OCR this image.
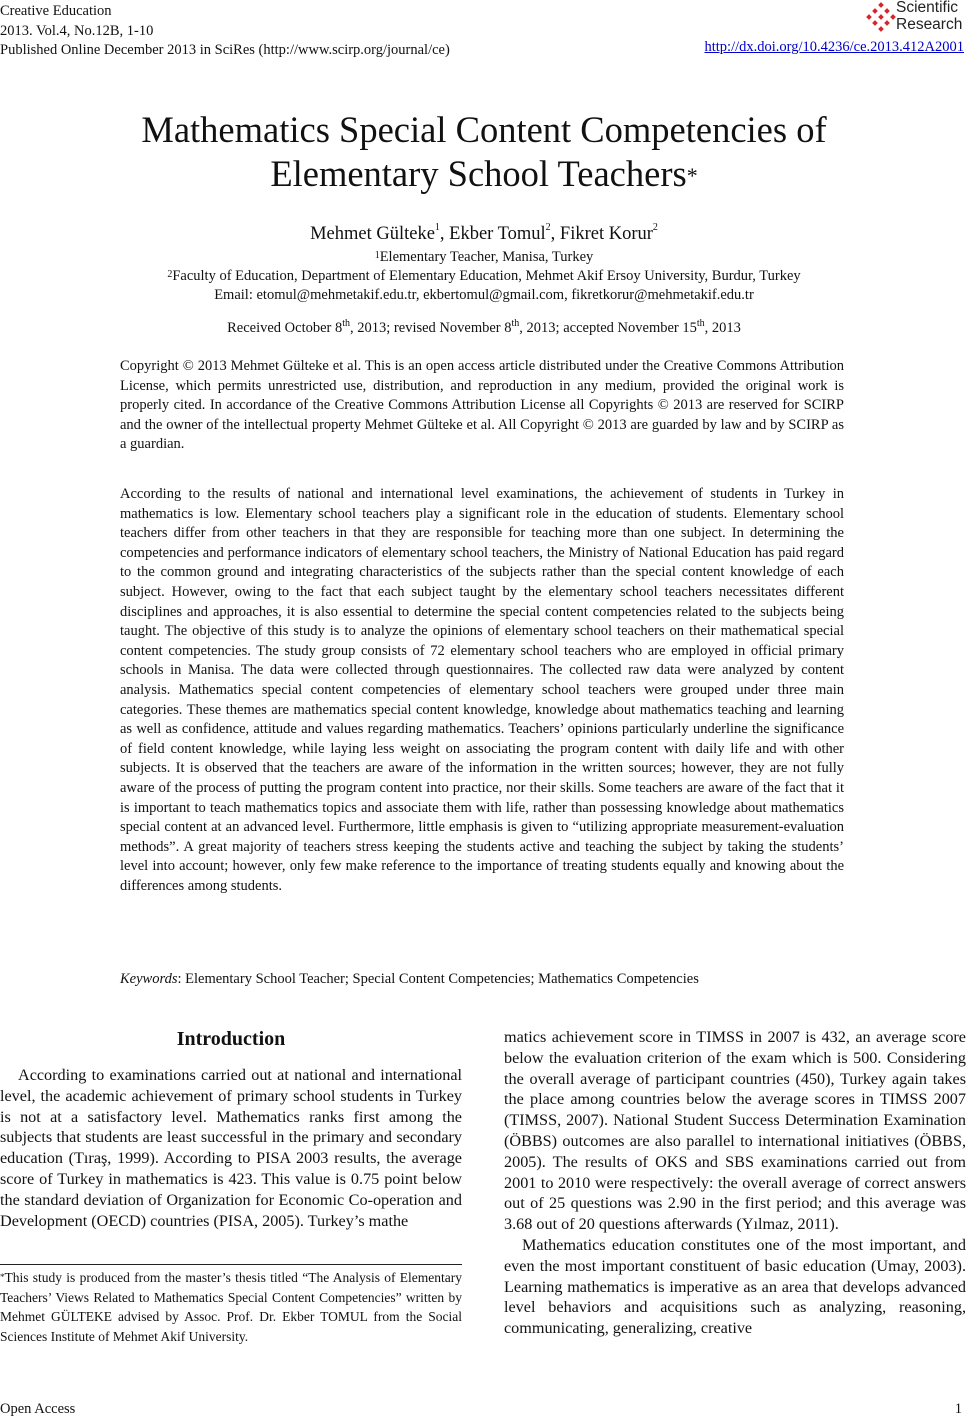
Creative Education

2013. Vol.4, No.12B, 1-10

Published Online December 2013 in SciRes (http://www.scirp.org/journal/ce)	http://dx.doi.org/10.4236/ce.2013.412A2001
Scientific
Research
Mathematics Special Content Competencies of
Elementary School Teachers*
Mehmet Gülteke$^1$, Ekber Tomul$^2$, Fikret Korur$^2$
$^1$Elementary Teacher, Manisa, Turkey
$^2$Faculty of Education, Department of Elementary Education, Mehmet Akif Ersoy University, Burdur, Turkey
Email: etomul@mehmetakif.edu.tr, ekbertomul@gmail.com, fikretkorur@mehmetakif.edu.tr
Received October 8th, 2013; revised November 8th, 2013; accepted November 15th, 2013
Copyright © 2013 Mehmet Gülteke et al. This is an open access article distributed under the Creative Commons Attribution License, which permits unrestricted use, distribution, and reproduction in any medium, provided the original work is properly cited. In accordance of the Creative Commons Attribution License all Copyrights © 2013 are reserved for SCIRP and the owner of the intellectual property Mehmet Gülteke et al. All Copyright © 2013 are guarded by law and by SCIRP as a guardian.
According to the results of national and international level examinations, the achievement of students in Turkey in mathematics is low. Elementary school teachers play a significant role in the education of students. Elementary school teachers differ from other teachers in that they are responsible for teaching more than one subject. In determining the competencies and performance indicators of elementary school teachers, the Ministry of National Education has paid regard to the common ground and integrating characteristics of the subjects rather than the special content knowledge of each subject. However, owing to the fact that each subject taught by the elementary school teachers necessitates different disciplines and approaches, it is also essential to determine the special content competencies related to the subjects being taught. The objective of this study is to analyze the opinions of elementary school teachers on their mathematical special content competencies. The study group consists of 72 elementary school teachers who are employed in official primary schools in Manisa. The data were collected through questionnaires. The collected raw data were analyzed by content analysis. Mathematics special content competencies of elementary school teachers were grouped under three main categories. These themes are mathematics special content knowledge, knowledge about mathematics teaching and learning as well as confidence, attitude and values regarding mathematics. Teachers’ opinions particularly underline the significance of field content knowledge, while laying less weight on associating the program content with daily life and with other subjects. It is observed that the teachers are aware of the information in the written sources; however, they are not fully aware of the process of putting the program content into practice, nor their skills. Some teachers are aware of the fact that it is important to teach mathematics topics and associate them with life, rather than possessing knowledge about mathematics special content at an advanced level. Furthermore, little emphasis is given to “utilizing appropriate measurement-evaluation methods”. A great majority of teachers stress keeping the students active and teaching the subject by taking the students’ level into account; however, only few make reference to the importance of treating students equally and knowing about the differences among students.
Keywords: Elementary School Teacher; Special Content Competencies; Mathematics Competencies
Introduction

According to examinations carried out at national and international level, the academic achievement of primary school students in Turkey is not at a satisfactory level. Mathematics ranks first among the subjects that students are least successful in the primary and secondary education (Tıraş, 1999). According to PISA 2003 results, the average score of Turkey in mathematics is 423. This value is 0.75 point below the standard deviation of Organization for Economic Co-operation and Development (OECD) countries (PISA, 2005). Turkey’s mathe

*This study is produced from the master’s thesis titled “The Analysis of Elementary Teachers’ Views Related to Mathematics Special Content Competencies” written by Mehmet GÜLTEKE advised by Assoc. Prof. Dr. Ekber TOMUL from the Social Sciences Institute of Mehmet Akif University.

matics achievement score in TIMSS in 2007 is 432, an average score below the evaluation criterion of the exam which is 500. Considering the overall average of participant countries (450), Turkey again takes the place among countries below the average scores in TIMSS 2007 (TIMSS, 2007). National Student Success Determination Examination (ÖBBS) outcomes are also parallel to international initiatives (ÖBBS, 2005). The results of OKS and SBS examinations carried out from 2001 to 2010 were respectively: the overall average of correct answers out of 25 questions was 2.90 in the first period; and this average was 3.68 out of 20 questions afterwards (Yılmaz, 2011).

Mathematics education constitutes one of the most important, and even the most important constituent of basic education (Umay, 2003). Learning mathematics is imperative as an area that develops advanced level behaviors and acquisitions such as analyzing, reasoning, communicating, generalizing, creative

Open Access	1
